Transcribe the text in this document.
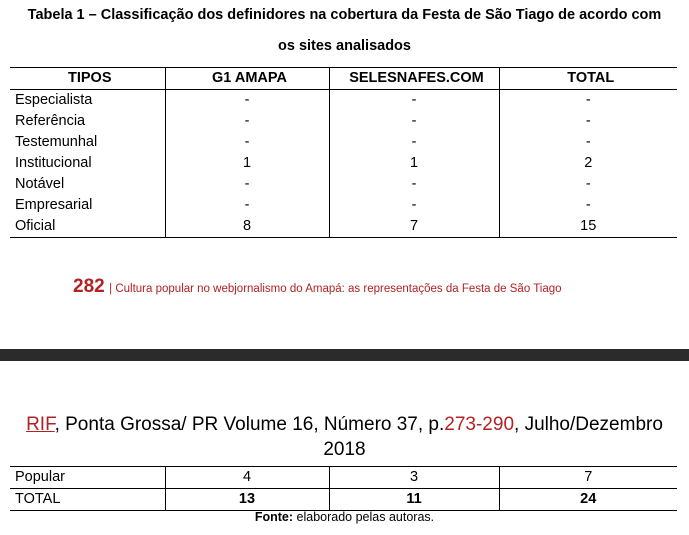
Tabela 1 – Classificação dos definidores na cobertura da Festa de São Tiago de acordo com
os sites analisados
TIPOS	G1 AMAPA	SELESNAFES.COM	TOTAL
Especialista	-	-	-
Referência	-	-	-
Testemunhal	-	-	-
Institucional	1	1	2
Notável	-	-	-
Empresarial	-	-	-
Oficial	8	7	15
282 | Cultura popular no webjornalismo do Amapá: as representações da Festa de São Tiago
RIF, Ponta Grossa/ PR Volume 16, Número 37, p.273-290, Julho/Dezembro
2018
Popular	4	3	7
TOTAL	13	11	24
Fonte: elaborado pelas autoras.
